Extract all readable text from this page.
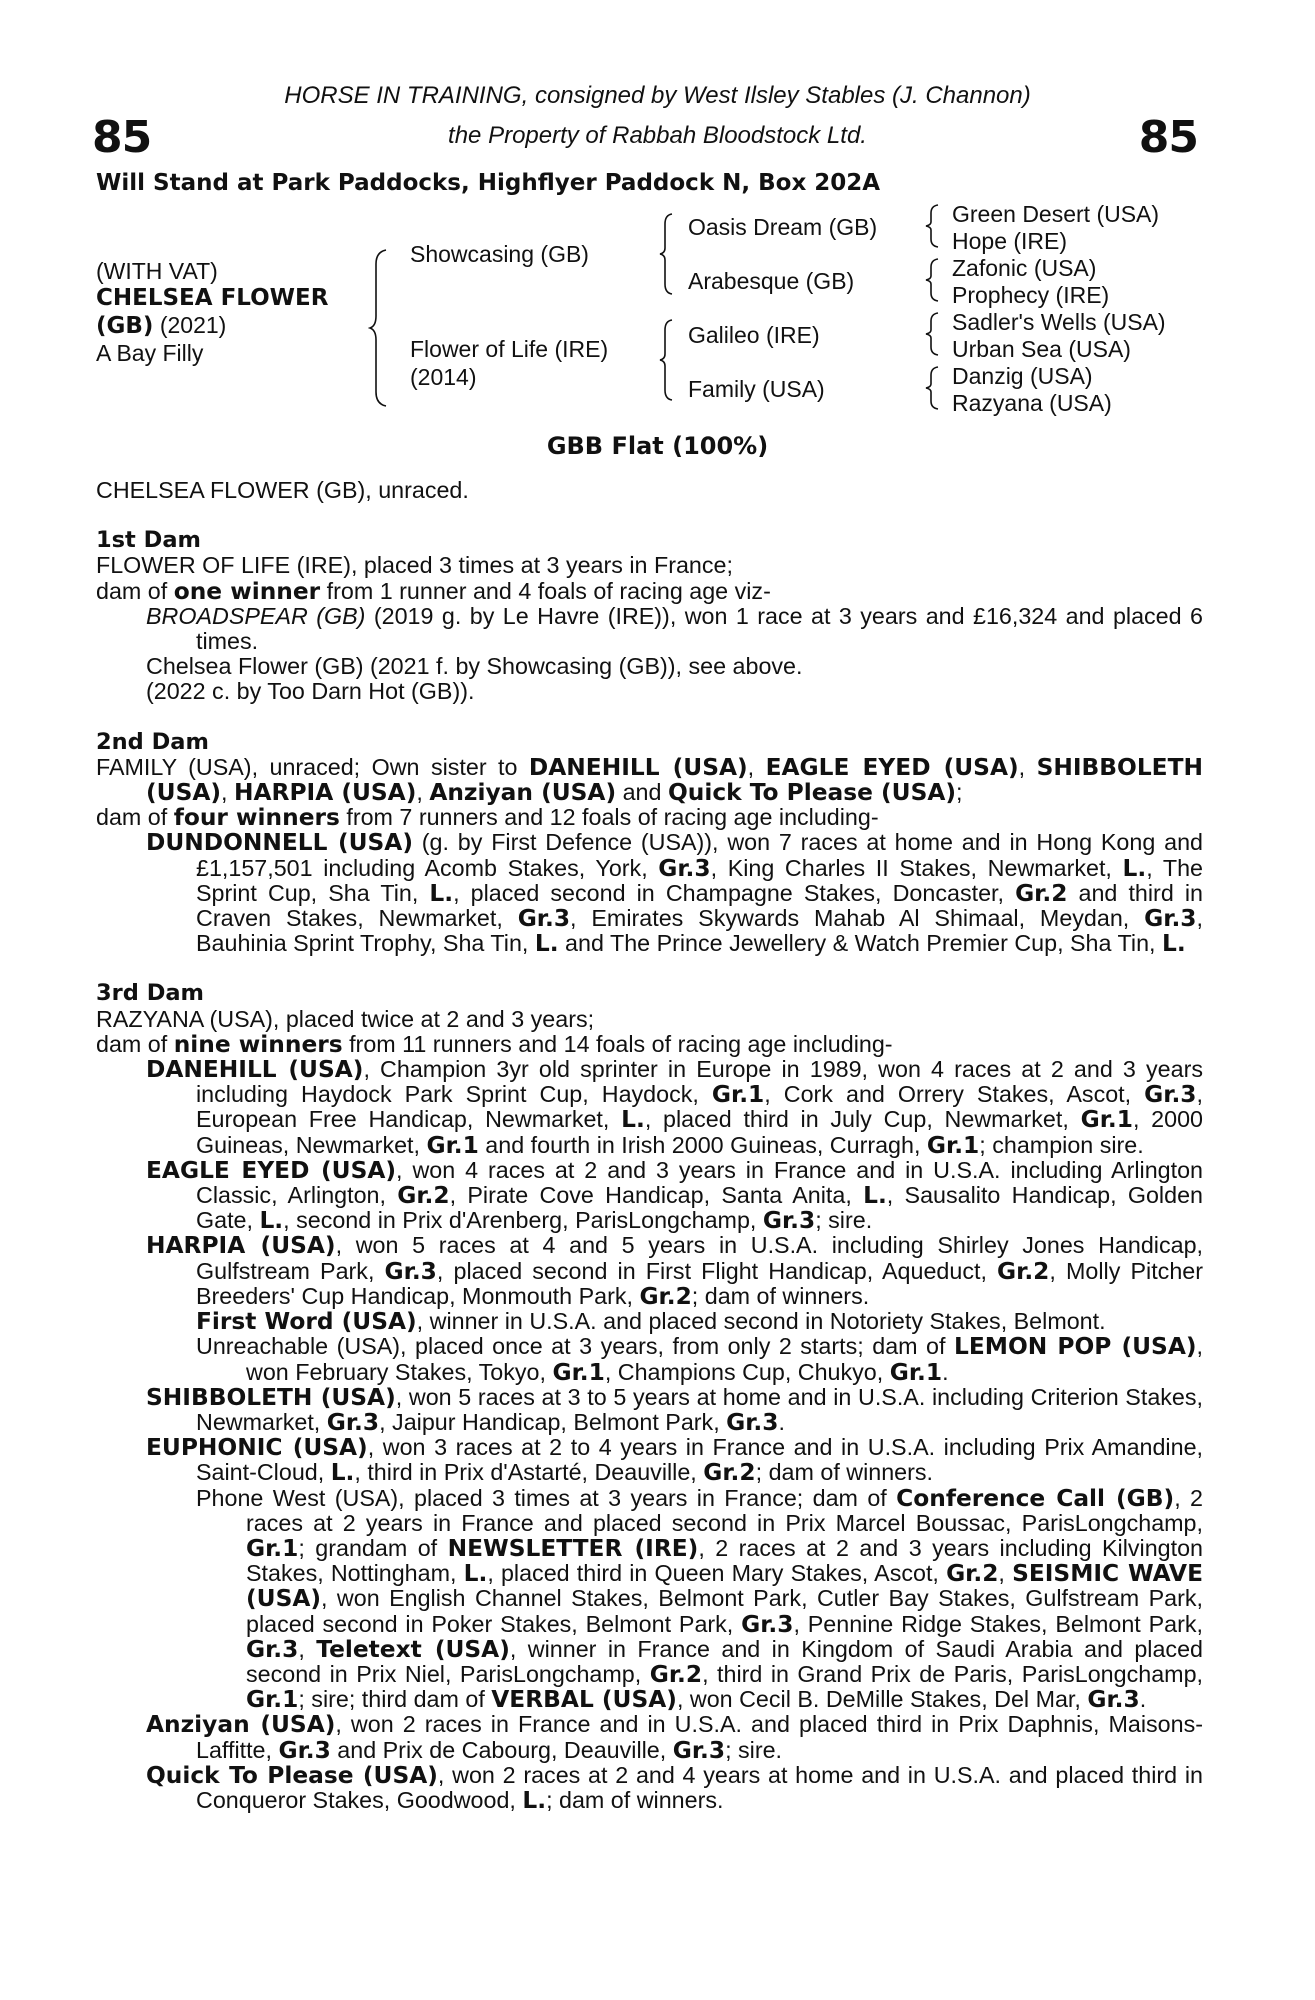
85	85
HORSE IN TRAINING, consigned by West Ilsley Stables (J. Channon)
the Property of Rabbah Bloodstock Ltd.
Will Stand at Park Paddocks, Highflyer Paddock N, Box 202A
(WITH VAT)
CHELSEA FLOWER
(GB) (2021)
A Bay Filly
Showcasing (GB)
Flower of Life (IRE)
(2014)
Oasis Dream (GB)
Arabesque (GB)
Galileo (IRE)
Family (USA)
Green Desert (USA)
Hope (IRE)
Zafonic (USA)
Prophecy (IRE)
Sadler's Wells (USA)
Urban Sea (USA)
Danzig (USA)
Razyana (USA)
GBB Flat (100%)

CHELSEA FLOWER (GB), unraced.

1st Dam

FLOWER OF LIFE (IRE), placed 3 times at 3 years in France;

dam of one winner from 1 runner and 4 foals of racing age viz-

BROADSPEAR (GB) (2019 g. by Le Havre (IRE)), won 1 race at 3 years and £16,324 and placed 6 times.

Chelsea Flower (GB) (2021 f. by Showcasing (GB)), see above.

(2022 c. by Too Darn Hot (GB)).

2nd Dam

FAMILY (USA), unraced; Own sister to DANEHILL (USA), EAGLE EYED (USA), SHIBBOLETH (USA), HARPIA (USA), Anziyan (USA) and Quick To Please (USA);

dam of four winners from 7 runners and 12 foals of racing age including-

DUNDONNELL (USA) (g. by First Defence (USA)), won 7 races at home and in Hong Kong and £1,157,501 including Acomb Stakes, York, Gr.3, King Charles II Stakes, Newmarket, L., The Sprint Cup, Sha Tin, L., placed second in Champagne Stakes, Doncaster, Gr.2 and third in Craven Stakes, Newmarket, Gr.3, Emirates Skywards Mahab Al Shimaal, Meydan, Gr.3, Bauhinia Sprint Trophy, Sha Tin, L. and The Prince Jewellery & Watch Premier Cup, Sha Tin, L.

3rd Dam

RAZYANA (USA), placed twice at 2 and 3 years;

dam of nine winners from 11 runners and 14 foals of racing age including-

DANEHILL (USA), Champion 3yr old sprinter in Europe in 1989, won 4 races at 2 and 3 years including Haydock Park Sprint Cup, Haydock, Gr.1, Cork and Orrery Stakes, Ascot, Gr.3, European Free Handicap, Newmarket, L., placed third in July Cup, Newmarket, Gr.1, 2000 Guineas, Newmarket, Gr.1 and fourth in Irish 2000 Guineas, Curragh, Gr.1; champion sire.

EAGLE EYED (USA), won 4 races at 2 and 3 years in France and in U.S.A. including Arlington Classic, Arlington, Gr.2, Pirate Cove Handicap, Santa Anita, L., Sausalito Handicap, Golden Gate, L., second in Prix d'Arenberg, ParisLongchamp, Gr.3; sire.

HARPIA (USA), won 5 races at 4 and 5 years in U.S.A. including Shirley Jones Handicap, Gulfstream Park, Gr.3, placed second in First Flight Handicap, Aqueduct, Gr.2, Molly Pitcher Breeders' Cup Handicap, Monmouth Park, Gr.2; dam of winners.

First Word (USA), winner in U.S.A. and placed second in Notoriety Stakes, Belmont.

Unreachable (USA), placed once at 3 years, from only 2 starts; dam of LEMON POP (USA), won February Stakes, Tokyo, Gr.1, Champions Cup, Chukyo, Gr.1.

SHIBBOLETH (USA), won 5 races at 3 to 5 years at home and in U.S.A. including Criterion Stakes, Newmarket, Gr.3, Jaipur Handicap, Belmont Park, Gr.3.

EUPHONIC (USA), won 3 races at 2 to 4 years in France and in U.S.A. including Prix Amandine, Saint-Cloud, L., third in Prix d'Astarté, Deauville, Gr.2; dam of winners.

Phone West (USA), placed 3 times at 3 years in France; dam of Conference Call (GB), 2 races at 2 years in France and placed second in Prix Marcel Boussac, ParisLongchamp, Gr.1; grandam of NEWSLETTER (IRE), 2 races at 2 and 3 years including Kilvington Stakes, Nottingham, L., placed third in Queen Mary Stakes, Ascot, Gr.2, SEISMIC WAVE (USA), won English Channel Stakes, Belmont Park, Cutler Bay Stakes, Gulfstream Park, placed second in Poker Stakes, Belmont Park, Gr.3, Pennine Ridge Stakes, Belmont Park, Gr.3, Teletext (USA), winner in France and in Kingdom of Saudi Arabia and placed second in Prix Niel, ParisLongchamp, Gr.2, third in Grand Prix de Paris, ParisLongchamp, Gr.1; sire; third dam of VERBAL (USA), won Cecil B. DeMille Stakes, Del Mar, Gr.3.

Anziyan (USA), won 2 races in France and in U.S.A. and placed third in Prix Daphnis, Maisons-Laffitte, Gr.3 and Prix de Cabourg, Deauville, Gr.3; sire.

Quick To Please (USA), won 2 races at 2 and 4 years at home and in U.S.A. and placed third in Conqueror Stakes, Goodwood, L.; dam of winners.
